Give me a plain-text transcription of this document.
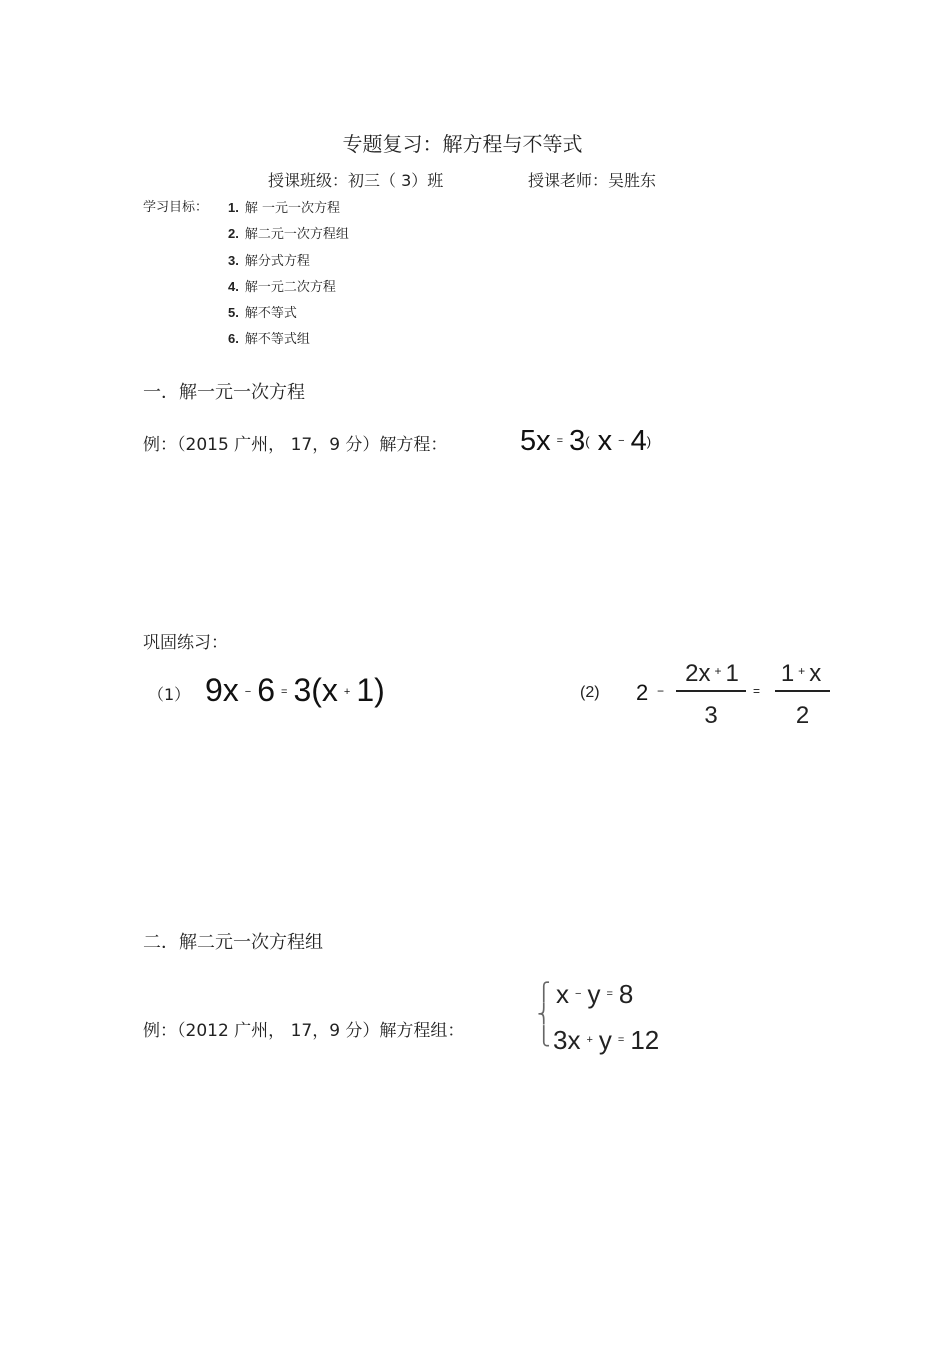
专题复习：解方程与不等式
授课班级：初三（ 3）班	授课老师：吴胜东
学习目标： 1. 解 一元一次方程
2. 解二元一次方程组
3. 解分式方程
4. 解一元二次方程
5. 解不等式
6. 解不等式组
一．解一元一次方程
例：（2015 广州， 17，9 分）解方程：	5x = 3( x − 4)
巩固练习：
（1） 9x − 6 = 3(x + 1)	(2) 2 −
2x + 1
3
=
1 + x
2
二．解二元一次方程组
例：（2012 广州， 17，9 分）解方程组：
⎧
⎨
⎩
x − y = 8
3x + y = 12
